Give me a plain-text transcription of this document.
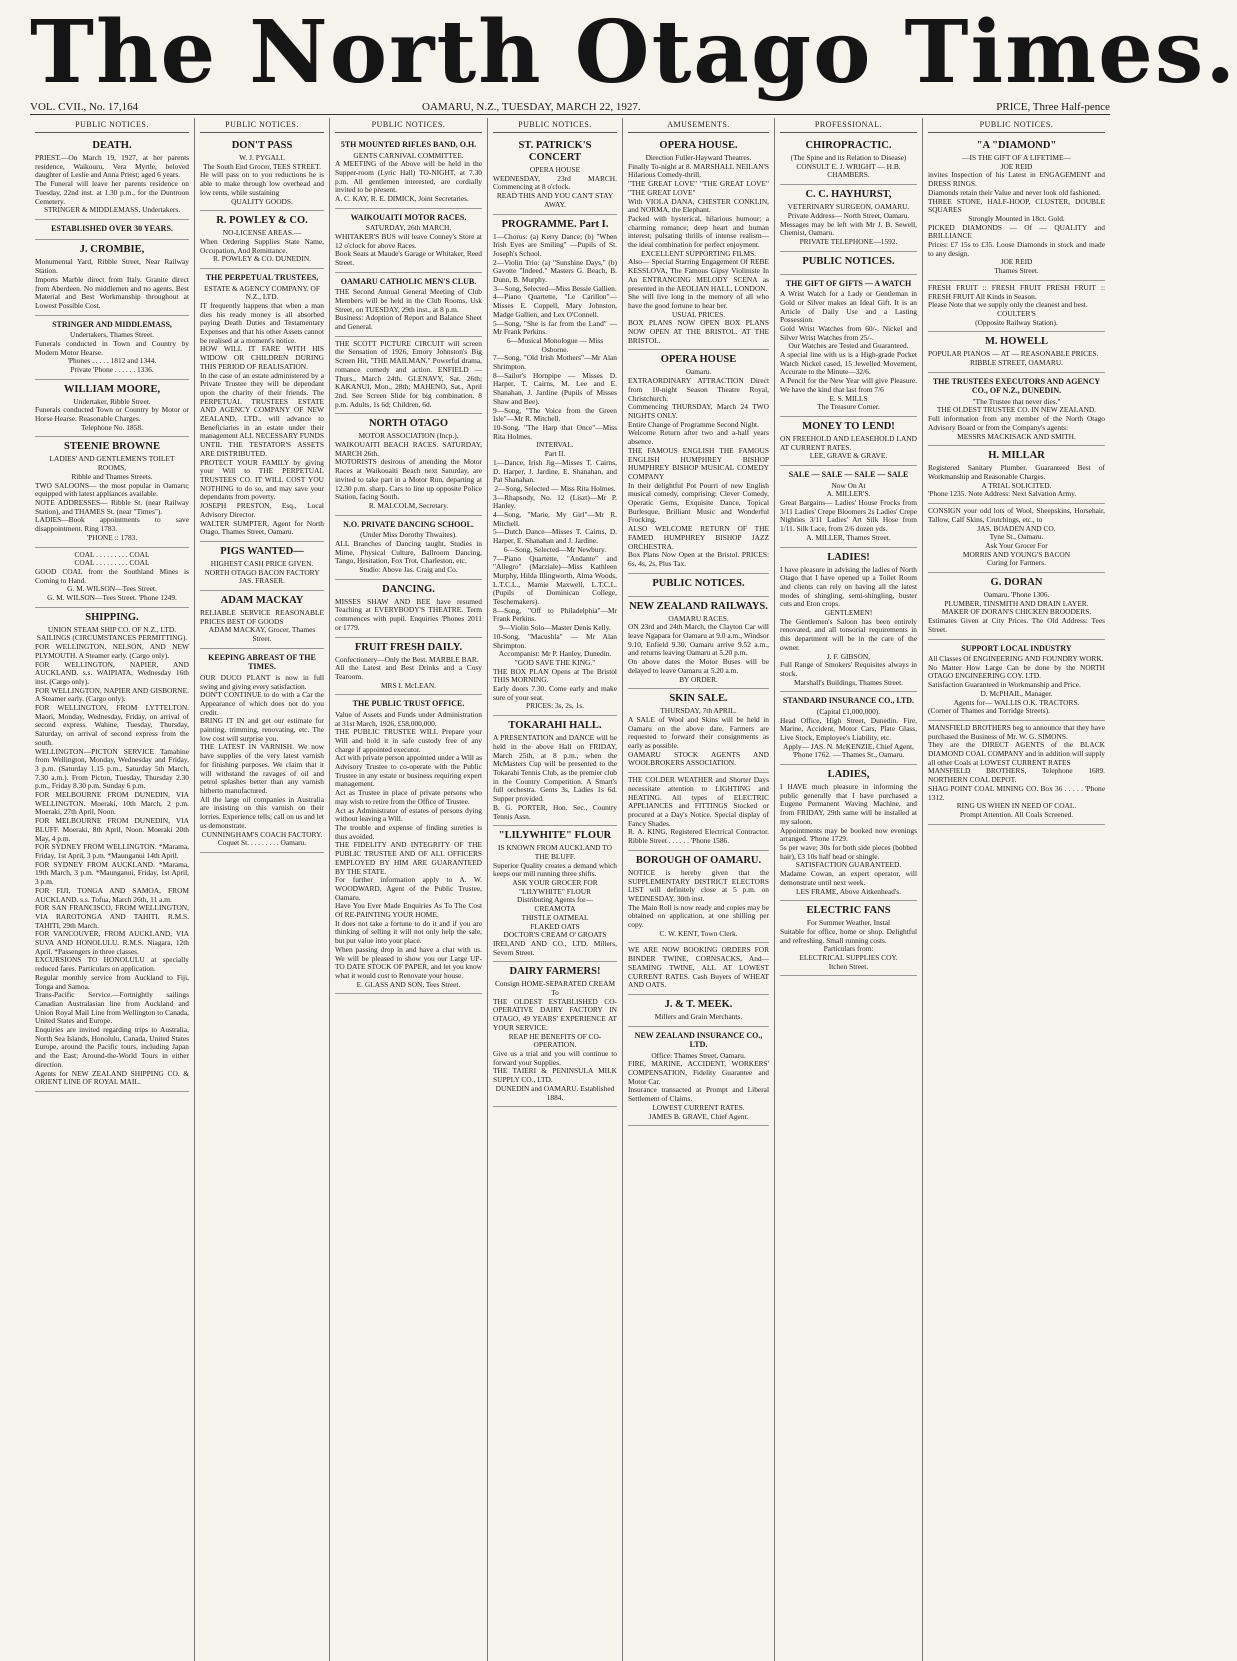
The North Otago Times.
VOL. CVII., No. 17,164	OAMARU, N.Z., TUESDAY, MARCH 22, 1927.	PRICE, Three Half-pence
PUBLIC NOTICES.
DEATH.
PRIEST.—On March 19, 1927, at her parents residence, Waikouru, Vera Myrtle, beloved daughter of Leslie and Anna Priest; aged 6 years.
The Funeral will leave her parents residence on Tuesday, 22nd inst. at 1.30 p.m., for the Duntroon Cemetery.
STRINGER & MIDDLEMASS, Undertakers.
ESTABLISHED OVER 30 YEARS.
J. CROMBIE,
Monumental Yard, Ribble Street, Near Railway Station.
Imports Marble direct from Italy. Granite direct from Aberdeen. No middlemen and no agents. Best Material and Best Workmanship throughout at Lowest Possible Cost.
STRINGER AND MIDDLEMASS,
Undertakers, Thames Street.
Funerals conducted in Town and Country by Modern Motor Hearse.
'Phones . . . . . 1812 and 1344.
Private 'Phone . . . . . . 1336.
WILLIAM MOORE,
Undertaker, Ribble Street.
Funerals conducted Town or Country by Motor or Horse Hearse. Reasonable Charges.
Telephone No. 1858.
STEENIE BROWNE
LADIES' AND GENTLEMEN'S TOILET ROOMS,
Ribble and Thames Streets.
TWO SALOONS— the most popular in Oamaru; equipped with latest appliances available.
NOTE ADDRESSES— Ribble St. (near Railway Station), and THAMES St. (near "Times").
LADIES—Book appointments to save disappointment. Ring 1783.
'PHONE :: 1783.
COAL . . . . . . . . . COAL
COAL . . . . . . . . . COAL
GOOD COAL from the Southland Mines is Coming to Hand.
G. M. WILSON—Tees Street.
G. M. WILSON—Tees Street. 'Phone 1249.
SHIPPING.
UNION STEAM SHIP CO. OF N.Z., LTD.
SAILINGS (CIRCUMSTANCES PERMITTING).
FOR WELLINGTON, NELSON, AND NEW PLYMOUTH. A Steamer early. (Cargo only).
FOR WELLINGTON, NAPIER, AND AUCKLAND. s.s. WAIPIATA, Wednesday 16th inst. (Cargo only).
FOR WELLINGTON, NAPIER AND GISBORNE. A Steamer early. (Cargo only).
FOR WELLINGTON, FROM LYTTELTON. Maori, Monday, Wednesday, Friday, on arrival of second express. Wahine, Tuesday, Thursday, Saturday, on arrival of second express from the south.
WELLINGTON—PICTON SERVICE Tamahine from Wellington, Monday, Wednesday and Friday, 3 p.m. (Saturday 1.15 p.m., Saturday 5th March, 7.30 a.m.). From Picton, Tuesday, Thursday 2.30 p.m., Friday 8.30 p.m. Sunday 6 p.m.
FOR MELBOURNE FROM DUNEDIN, VIA WELLINGTON. Moeraki, 10th March, 2 p.m. Moeraki, 27th April, Noon.
FOR MELBOURNE FROM DUNEDIN, VIA BLUFF. Moeraki, 8th April, Noon. Moeraki 20th May, 4 p.m.
FOR SYDNEY FROM WELLINGTON. *Marama, Friday, 1st April, 3 p.m. *Maunganui 14th April.
FOR SYDNEY FROM AUCKLAND. *Marama, 19th March, 3 p.m. *Maunganui, Friday, 1st April, 3 p.m.
FOR FIJI, TONGA AND SAMOA, FROM AUCKLAND. s.s. Tofua, March 26th, 11 a.m.
FOR SAN FRANCISCO, FROM WELLINGTON, VIA RAROTONGA AND TAHITI. R.M.S. TAHITI, 29th March.
FOR VANCOUVER, FROM AUCKLAND, VIA SUVA AND HONOLULU. R.M.S. Niagara, 12th April. *Passengers in three classes.
EXCURSIONS TO HONOLULU at specially reduced fares. Particulars on application.
Regular monthly service from Auckland to Fiji, Tonga and Samoa.
Trans-Pacific Service.—Fortnightly sailings Canadian Australasian line from Auckland and Union Royal Mail Line from Wellington to Canada, United States and Europe.
Enquiries are invited regarding trips to Australia, North Sea Islands, Honolulu, Canada, United States Europe, around the Pacific tours, including Japan and the East; Around-the-World Tours in either direction.
Agents for NEW ZEALAND SHIPPING CO. & ORIENT LINE OF ROYAL MAIL.
PUBLIC NOTICES.
DON'T PASS
W. J. PYGALL
The South End Grocer, TEES STREET.
He will pass on to you reductions he is able to make through low overhead and low rents, while sustaining
QUALITY GOODS.
R. POWLEY & CO.
NO-LICENSE AREAS.—
When Ordering Supplies State Name, Occupation, And Remittance.
R. POWLEY & CO. DUNEDIN.
THE PERPETUAL TRUSTEES,
ESTATE & AGENCY COMPANY. OF N.Z., LTD.
IT frequently happens that when a man dies his ready money is all absorbed paying Death Duties and Testamentary Expenses and that his other Assets cannot be realised at a moment's notice.
HOW WILL IT FARE WITH HIS WIDOW OR CHILDREN DURING THIS PERIOD OF REALISATION.
In the case of an estate administered by a Private Trustee they will be dependant upon the charity of their friends. The PERPETUAL TRUSTEES ESTATE AND AGENCY COMPANY OF NEW ZEALAND, LTD., will advance to Beneficiaries in an estate under their management ALL NECESSARY FUNDS UNTIL THE TESTATOR'S ASSETS ARE DISTRIBUTED.
PROTECT YOUR FAMILY by giving your Will to THE PERPETUAL TRUSTEES CO. IT WILL COST YOU NOTHING to do so, and may save your dependants from poverty.
JOSEPH PRESTON, Esq., Local Advisory Director.
WALTER SUMPTER, Agent for North Otago, Thames Street, Oamaru.
PIGS WANTED—
HIGHEST CASH PRICE GIVEN.
NORTH OTAGO BACON FACTORY
JAS. FRASER.
ADAM MACKAY
RELIABLE SERVICE REASONABLE PRICES BEST OF GOODS
ADAM MACKAY, Grocer, Thames Street.
KEEPING ABREAST OF THE TIMES.
OUR DUCO PLANT is now in full swing and giving every satisfaction.
DON'T CONTINUE to do with a Car the Appearance of which does not do you credit.
BRING IT IN and get our estimate for painting, trimming, renovating, etc. The low cost will surprise you.
THE LATEST IN VARNISH. We now have supplies of the very latest varnish for finishing purposes. We claim that it will withstand the ravages of oil and petrol splashes better than any varnish hitherto manufactured.
All the large oil companies in Australia are insisting on this varnish on their lorries. Experience tells; call on us and let us demonstrate.
CUNNINGHAM'S COACH FACTORY.
Coquet St. . . . . . . . . Oamaru.
PUBLIC NOTICES.
5TH MOUNTED RIFLES BAND, O.H.
GENTS CARNIVAL COMMITTEE.
A MEETING of the Above will be held in the Supper-room (Lyric Hall) TO-NIGHT, at 7.30 p.m. All gentlemen interested, are cordially invited to be present.
A. C. KAY, R. E. DIMICK, Joint Secretaries.
WAIKOUAITI MOTOR RACES.
SATURDAY, 26th MARCH.
WHITAKER'S BUS will leave Conney's Store at 12 o'clock for above Races.
Book Seats at Maude's Garage or Whitaker, Reed Street.
OAMARU CATHOLIC MEN'S CLUB.
THE Second Annual General Meeting of Club Members will be held in the Club Rooms, Usk Street, on TUESDAY, 29th inst., at 8 p.m.
Business: Adoption of Report and Balance Sheet and General.
THE SCOTT PICTURE CIRCUIT will screen the Sensation of 1926, Emory Johnston's Big Screen Hit, "THE MAILMAN." Powerful drama, romance comedy and action. ENFIELD — Thurs., March 24th. GLENAVY, Sat. 26th; KAKANUI, Mon., 28th; MAHENO, Sat., April 2nd. See Screen Slide for big combination. 8 p.m. Adults, 1s 6d; Children, 6d.
NORTH OTAGO
MOTOR ASSOCIATION (Incp.).
WAIKOUAITI BEACH RACES. SATURDAY, MARCH 26th.
MOTORISTS desirous of attending the Motor Races at Waikouaiti Beach next Saturday, are invited to take part in a Motor Run, departing at 12.30 p.m. sharp. Cars to line up opposite Police Station, facing South.
R. MALCOLM, Secretary.
N.O. PRIVATE DANCING SCHOOL.
(Under Miss Dorothy Thwaites).
ALL Branches of Dancing taught, Studies in Mime, Physical Culture, Ballroom Dancing, Tango, Hesitation, Fox Trot, Charleston, etc.
Studio: Above Jas. Craig and Co.
DANCING.
MISSES SHAW AND BEE have resumed Teaching at EVERYBODY'S THEATRE. Term commences with pupil. Enquiries 'Phones 2011 or 1779.
FRUIT FRESH DAILY.
Confectionery—Only the Best. MARBLE BAR.
All the Latest and Best Drinks and a Cosy Tearoom.
MRS I. McLEAN.
THE PUBLIC TRUST OFFICE.
Value of Assets and Funds under Administration at 31st March, 1926, £58,000,000.
THE PUBLIC TRUSTEE WILL Prepare your Will and hold it in safe custody free of any charge if appointed executor.
Act with private person appointed under a Will as Advisory Trustee to co-operate with the Public Trustee in any estate or business requiring expert management.
Act as Trustee in place of private persons who may wish to retire from the Office of Trustee.
Act as Administrator of estates of persons dying without leaving a Will.
The trouble and expense of finding sureties is thus avoided.
THE FIDELITY AND INTEGRITY OF THE PUBLIC TRUSTEE AND OF ALL OFFICERS EMPLOYED BY HIM ARE GUARANTEED BY THE STATE.
For further information apply to A. W. WOODWARD, Agent of the Public Trustee, Oamaru.
Have You Ever Made Enquiries As To The Cost Of RE-PAINTING YOUR HOME.
It does not take a fortune to do it and if you are thinking of selling it will not only help the sale, but put value into your place.
When passing drop in and have a chat with us. We will be pleased to show you our Large UP-TO DATE STOCK OF PAPER, and let you know what it would cost to Renovate your house.
E. GLASS AND SON, Tees Street.
PUBLIC NOTICES.
ST. PATRICK'S CONCERT
OPERA HOUSE
WEDNESDAY, 23rd MARCH. Commencing at 8 o'clock.
READ THIS AND YOU CAN'T STAY AWAY.
PROGRAMME. Part I.
1—Chorus: (a) Kerry Dance; (b) "When Irish Eyes are Smiling" —Pupils of St. Joseph's School.
2—Violin Trio: (a) "Sunshine Days," (b) Gavotte "Indeed." Masters G. Beach, B. Dunn, B. Murphy.
3—Song, Selected—Miss Bessie Gallien.
4—Piano Quartette, "Le Carillon"—Misses E. Coppell, Mary Johnston, Madge Gallien, and Lex O'Connell.
5—Song, "She is far from the Land" —Mr Frank Perkins.
6—Musical Monologue — Miss Osborne.
7—Song, "Old Irish Mothers"—Mr Alan Shrimpton.
8—Sailor's Hornpipe — Misses D. Harper, T. Cairns, M. Lee and E. Shanahan, J. Jardine (Pupils of Misses Shaw and Bee).
9—Song, "The Voice from the Green Isle"—Mr R. Mitchell.
10-Song, "The Harp that Once"—Miss Rita Holmes.
INTERVAL.
Part II.
1—Dance, Irish Jig—Misses T. Cairns, D. Harper, J. Jardine, E. Shanahan, and Pat Shanahan.
2—Song, Selected — Miss Rita Holmes.
3—Rhapsody, No. 12 (Liszt)—Mr P. Hanley.
4—Song, "Marie, My Girl"—Mr R. Mitchell.
5—Dutch Dance—Misses T. Cairns, D. Harper, E. Shanahan and J. Jardine.
6—Song, Selected—Mr Newbury.
7—Piano Quartette, "Andante" and "Allegro" (Marziale)—Miss Kathleen Murphy, Hilda Illingworth, Alma Woods, L.T.C.L., Mamie Maxwell, L.T.C.L. (Pupils of Dominican College, Teschemakers).
8—Song, "Off to Philadelphia"—Mr Frank Perkins.
9—Violin Solo—Master Denis Kelly.
10-Song, "Macushla" — Mr Alan Shrimpton.
Accompanist: Mr P. Hanley, Dunedin.
"GOD SAVE THE KING."
THE BOX PLAN Opens at The Bristol THIS MORNING.
Early doors 7.30. Come early and make sure of your seat.
PRICES: 3s, 2s, 1s.
TOKARAHI HALL.
A PRESENTATION and DANCE will be held in the above Hall on FRIDAY, March 25th, at 8 p.m., when the McMasters Cup will be presented to the Tokarahi Tennis Club, as the premier club in the Country Competition. A Smart's full orchestra. Gents 3s, Ladies 1s 6d. Supper provided.
B. G. PORTER, Hon. Sec., Country Tennis Assn.
"LILYWHITE" FLOUR
IS KNOWN FROM AUCKLAND TO THE BLUFF.
Superior Quality creates a demand which keeps our mill running three shifts.
ASK YOUR GROCER FOR "LILYWHITE" FLOUR
Distributing Agents for—
CREAMOTA
THISTLE OATMEAL
FLAKED OATS
DOCTOR'S CREAM O' GROATS
IRELAND AND CO., LTD. Millers, Severn Street.
DAIRY FARMERS!
Consign HOME-SEPARATED CREAM To
THE OLDEST ESTABLISHED CO-OPERATIVE DAIRY FACTORY IN OTAGO, 49 YEARS' EXPERIENCE AT YOUR SERVICE.
REAP HE BENEFITS OF CO-OPERATION.
Give us a trial and you will continue to forward your Supplies.
THE TAIERI & PENINSULA MILK SUPPLY CO., LTD.
DUNEDIN and OAMARU. Established 1884.
AMUSEMENTS.
OPERA HOUSE.
Direction Fuller-Hayward Theatres.
Finally To-night at 8. MARSHALL NEILAN'S Hilarious Comedy-thrill.
"THE GREAT LOVE" "THE GREAT LOVE" "THE GREAT LOVE"
With VIOLA DANA, CHESTER CONKLIN, and NORMA, the Elephant.
Packed with hysterical, hilarious humour; a charming romance; deep heart and human interest; pulsating thrills of intense realism—the ideal combination for perfect enjoyment.
EXCELLENT SUPPORTING FILMS.
Also— Special Starring Engagement Of REBE KESSLOVA, The Famous Gipsy Violiniste In An ENTRANCING MELODY SCENA as presented in the AEOLIAN HALL, LONDON.
She will live long in the memory of all who have the good fortune to hear her.
USUAL PRICES.
BOX PLANS NOW OPEN BOX PLANS NOW OPEN AT THE BRISTOL. AT THE BRISTOL.
OPERA HOUSE
Oamaru.
EXTRAORDINARY ATTRACTION Direct from 10-night Season Theatre Royal, Christchurch.
Commencing THURSDAY, March 24 TWO NIGHTS ONLY.
Entire Change of Programme Second Night.
Welcome Return after two and a-half years absence.
THE FAMOUS ENGLISH THE FAMOUS ENGLISH HUMPHREY BISHOP HUMPHREY BISHOP MUSICAL COMEDY COMPANY
In their delightful Pot Pourri of new English musical comedy, comprising: Clever Comedy, Operatic Gems, Exquisite Dance, Topical Burlesque, Brilliant Music and Wonderful Frocking.
ALSO WELCOME RETURN OF THE FAMED HUMPHREY BISHOP JAZZ ORCHESTRA.
Box Plans Now Open at the Bristol. PRICES: 6s, 4s, 2s, Plus Tax.
PUBLIC NOTICES.
NEW ZEALAND RAILWAYS.
OAMARU RACES.
ON 23rd and 24th March, the Clayton Car will leave Ngapara for Oamaru at 9.0 a.m., Windsor 9.10, Enfield 9.30, Oamaru arrive 9.52 a.m., and returns leaving Oamaru at 5.20 p.m.
On above dates the Motor Buses will be delayed to leave Oamaru at 5.20 a.m.
BY ORDER.
SKIN SALE.
THURSDAY, 7th APRIL.
A SALE of Wool and Skins will be held in Oamaru on the above date. Farmers are requested to forward their consignments as early as possible.
OAMARU STOCK AGENTS AND WOOLBROKERS ASSOCIATION.
THE COLDER WEATHER and Shorter Days necessitate attention to LIGHTING and HEATING. All types of ELECTRIC APPLIANCES and FITTINGS Stocked or procured at a Day's Notice. Special display of Fancy Shades.
R. A. KING, Registered Electrical Contractor. Ribble Street . . . . . . 'Phone 1586.
BOROUGH OF OAMARU.
NOTICE is hereby given that the SUPPLEMENTARY DISTRICT ELECTORS LIST will definitely close at 5 p.m. on WEDNESDAY, 30th inst.
The Main Roll is now ready and copies may be obtained on application, at one shilling per copy.
C. W. KENT, Town Clerk.
WE ARE NOW BOOKING ORDERS FOR BINDER TWINE, CORNSACKS, And— SEAMING TWINE, ALL AT LOWEST CURRENT RATES. Cash Buyers of WHEAT AND OATS.
J. & T. MEEK.
Millers and Grain Merchants.
NEW ZEALAND INSURANCE CO., LTD.
Office: Thames Street, Oamaru.
FIRE, MARINE, ACCIDENT, WORKERS' COMPENSATION, Fidelity Guarantee and Motor Car.
Insurance transacted at Prompt and Liberal Settlement of Claims.
LOWEST CURRENT RATES.
JAMES B. GRAVE, Chief Agent.
PROFESSIONAL.
CHIROPRACTIC.
(The Spine and its Relation to Disease)
CONSULT E. J. WRIGHT — H.B. CHAMBERS.
C. C. HAYHURST,
VETERINARY SURGEON, OAMARU.
Private Address— North Street, Oamaru.
Messages may be left with Mr J. B. Sewell, Chemist, Oamaru.
PRIVATE TELEPHONE—1592.
PUBLIC NOTICES.
THE GIFT OF GIFTS — A WATCH
A Wrist Watch for a Lady or Gentleman in Gold or Silver makes an Ideal Gift. It is an Article of Daily Use and a Lasting Possession.
Gold Wrist Watches from 60/-. Nickel and Silver Wrist Watches from 25/-.
Our Watches are Tested and Guaranteed.
A special line with us is a High-grade Pocket Watch Nickel cased, 15 Jewelled Movement, Accurate to the Minute—32/6.
A Pencil for the New Year will give Pleasure. We have the kind that last from 7/6
E. S. MILLS
The Treasure Corner.
MONEY TO LEND!
ON FREEHOLD AND LEASEHOLD LAND AT CURRENT RATES.
LEE, GRAVE & GRAVE.
SALE — SALE — SALE — SALE
Now On At
A. MILLER'S.
Great Bargains— Ladies' House Frocks from 3/11 Ladies' Crepe Bloomers 2s Ladies' Crepe Nighties 3/11 Ladies' Art Silk Hose from 1/11. Silk Lace, from 2/6 dozen yds.
A. MILLER, Thames Street.
LADIES!
I have pleasure in advising the ladies of North Otago that I have opened up a Toilet Room and clients can rely on having all the latest modes of shingling, semi-shingling, buster cuts and Eton crops.
GENTLEMEN!
The Gentlemen's Saloon has been entirely renovated, and all tonsorial requirements in this department will be in the care of the owner.
J. F. GIBSON,
Full Range of Smokers' Requisites always in stock.
Marshall's Buildings, Thames Street.
STANDARD INSURANCE CO., LTD.
(Capital £1,000,000).
Head Office, High Street, Dunedin. Fire, Marine, Accident, Motor Cars, Plate Glass, Live Stock, Employee's Liability, etc.
Apply— JAS. N. McKENZIE, Chief Agent,
'Phone 1762. — Thames St., Oamaru.
LADIES,
I HAVE much pleasure in informing the public generally that I have purchased a Eugene Permanent Waving Machine, and from FRIDAY, 29th same will be installed at my saloon.
Appointments may be booked now evenings arranged. 'Phone 1729.
5s per wave; 30s for both side pieces (bobbed hair), £3 10s half head or shingle.
SATISFACTION GUARANTEED.
Madame Cowan, an expert operator, will demonstrate until next week.
LES FRAME, Above Aitkenhead's.
ELECTRIC FANS
For Summer Weather, Instal
Suitable for office, home or shop. Delightful and refreshing. Small running costs.
Particulars from:
ELECTRICAL SUPPLIES COY.
Itchen Street.
PUBLIC NOTICES.
"A "DIAMOND"
—IS THE GIFT OF A LIFETIME—
JOE REID
invites Inspection of his Latest in ENGAGEMENT and DRESS RINGS.
Diamonds retain their Value and never look old fashioned.
THREE STONE, HALF-HOOP, CLUSTER, DOUBLE SQUARES
Strongly Mounted in 18ct. Gold.
PICKED DIAMONDS — Of — QUALITY and BRILLIANCE
Prices: £7 15s to £35. Loose Diamonds in stock and made to any design.
JOE REID
Thames Street.
FRESH FRUIT :: FRESH FRUIT FRESH FRUIT :: FRESH FRUIT All Kinds in Season.
Please Note that we supply only the cleanest and best.
COULTER'S
(Opposite Railway Station).
M. HOWELL
POPULAR PIANOS — AT — REASONABLE PRICES.
RIBBLE STREET, OAMARU.
THE TRUSTEES EXECUTORS AND AGENCY CO., OF N.Z., DUNEDIN.
"The Trustee that never dies."
THE OLDEST TRUSTEE CO. IN NEW ZEALAND.
Full information from any member of the North Otago Advisory Board or from the Company's agents:
MESSRS MACKISACK AND SMITH.
H. MILLAR
Registered Sanitary Plumber. Guaranteed Best of Workmanship and Reasonable Charges.
A TRIAL SOLICITED.
'Phone 1235. Note Address: Next Salvation Army.
CONSIGN your odd lots of Wool, Sheepskins, Horsehair, Tallow, Calf Skins, Crutchings, etc., to
JAS. BOADEN AND CO.
Tyne St., Oamaru.
Ask Your Grocer For
MORRIS AND YOUNG'S BACON
Curing for Farmers.
G. DORAN
Oamaru. 'Phone 1306.
PLUMBER, TINSMITH AND DRAIN LAYER.
MAKER OF DORAN'S CHICKEN BROODERS.
Estimates Given at City Prices. The Old Address: Tees Street.
SUPPORT LOCAL INDUSTRY
All Classes Of ENGINEERING AND FOUNDRY WORK.
No Matter How Large Can be done by the NORTH OTAGO ENGINEERING COY. LTD.
Satisfaction Guaranteed in Workmanship and Price.
D. McPHAIL, Manager.
Agents for— WALLIS O.K. TRACTORS.
(Corner of Thames and Torridge Streets).
MANSFIELD BROTHERS beg to announce that they have purchased the Business of Mr. W. G. SIMONS.
They are the DIRECT AGENTS of the BLACK DIAMOND COAL COMPANY and in addition will supply all other Coals at LOWEST CURRENT RATES
MANSFIELD BROTHERS, Telephone 1689. NORTHERN COAL DEPOT.
SHAG POINT COAL MINING CO. Box 36 . . . . . 'Phone 1312.
RING US WHEN IN NEED OF COAL.
Prompt Attention. All Coals Screened.
